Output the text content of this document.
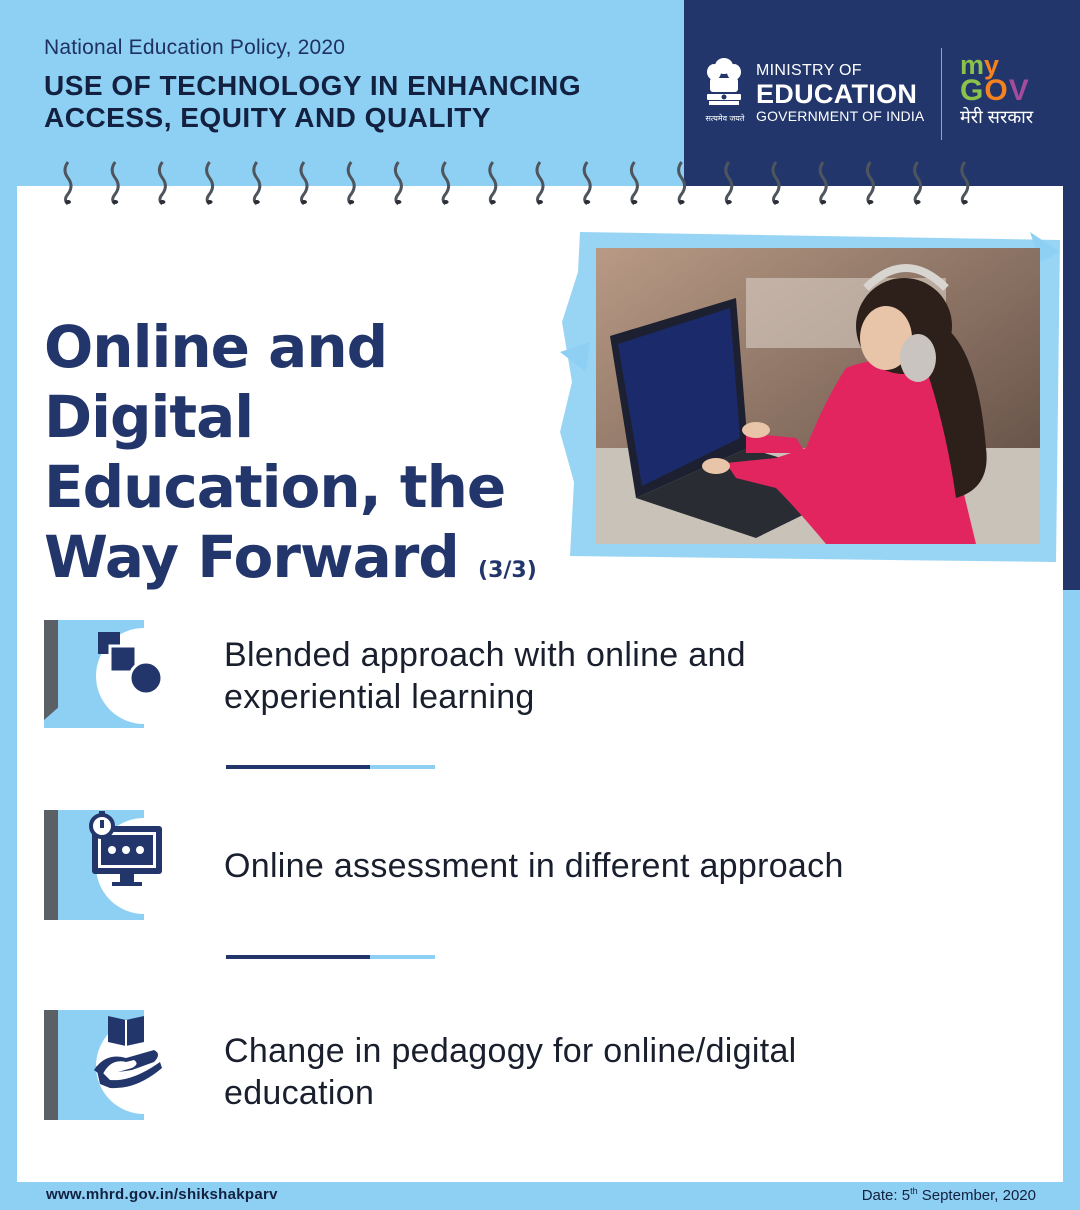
National Education Policy, 2020
USE OF TECHNOLOGY IN ENHANCING
ACCESS, EQUITY AND QUALITY	सत्यमेव जयते
MINISTRY OF
EDUCATION
GOVERNMENT OF INDIA
my
GOV
मेरी सरकार
Online and Digital
Education, the
Way Forward (3/3)
Blended approach with online and
experiential learning
Online assessment in different approach
Change in pedagogy for online/digital
education
www.mhrd.gov.in/shikshakparv	Date: 5th September, 2020
